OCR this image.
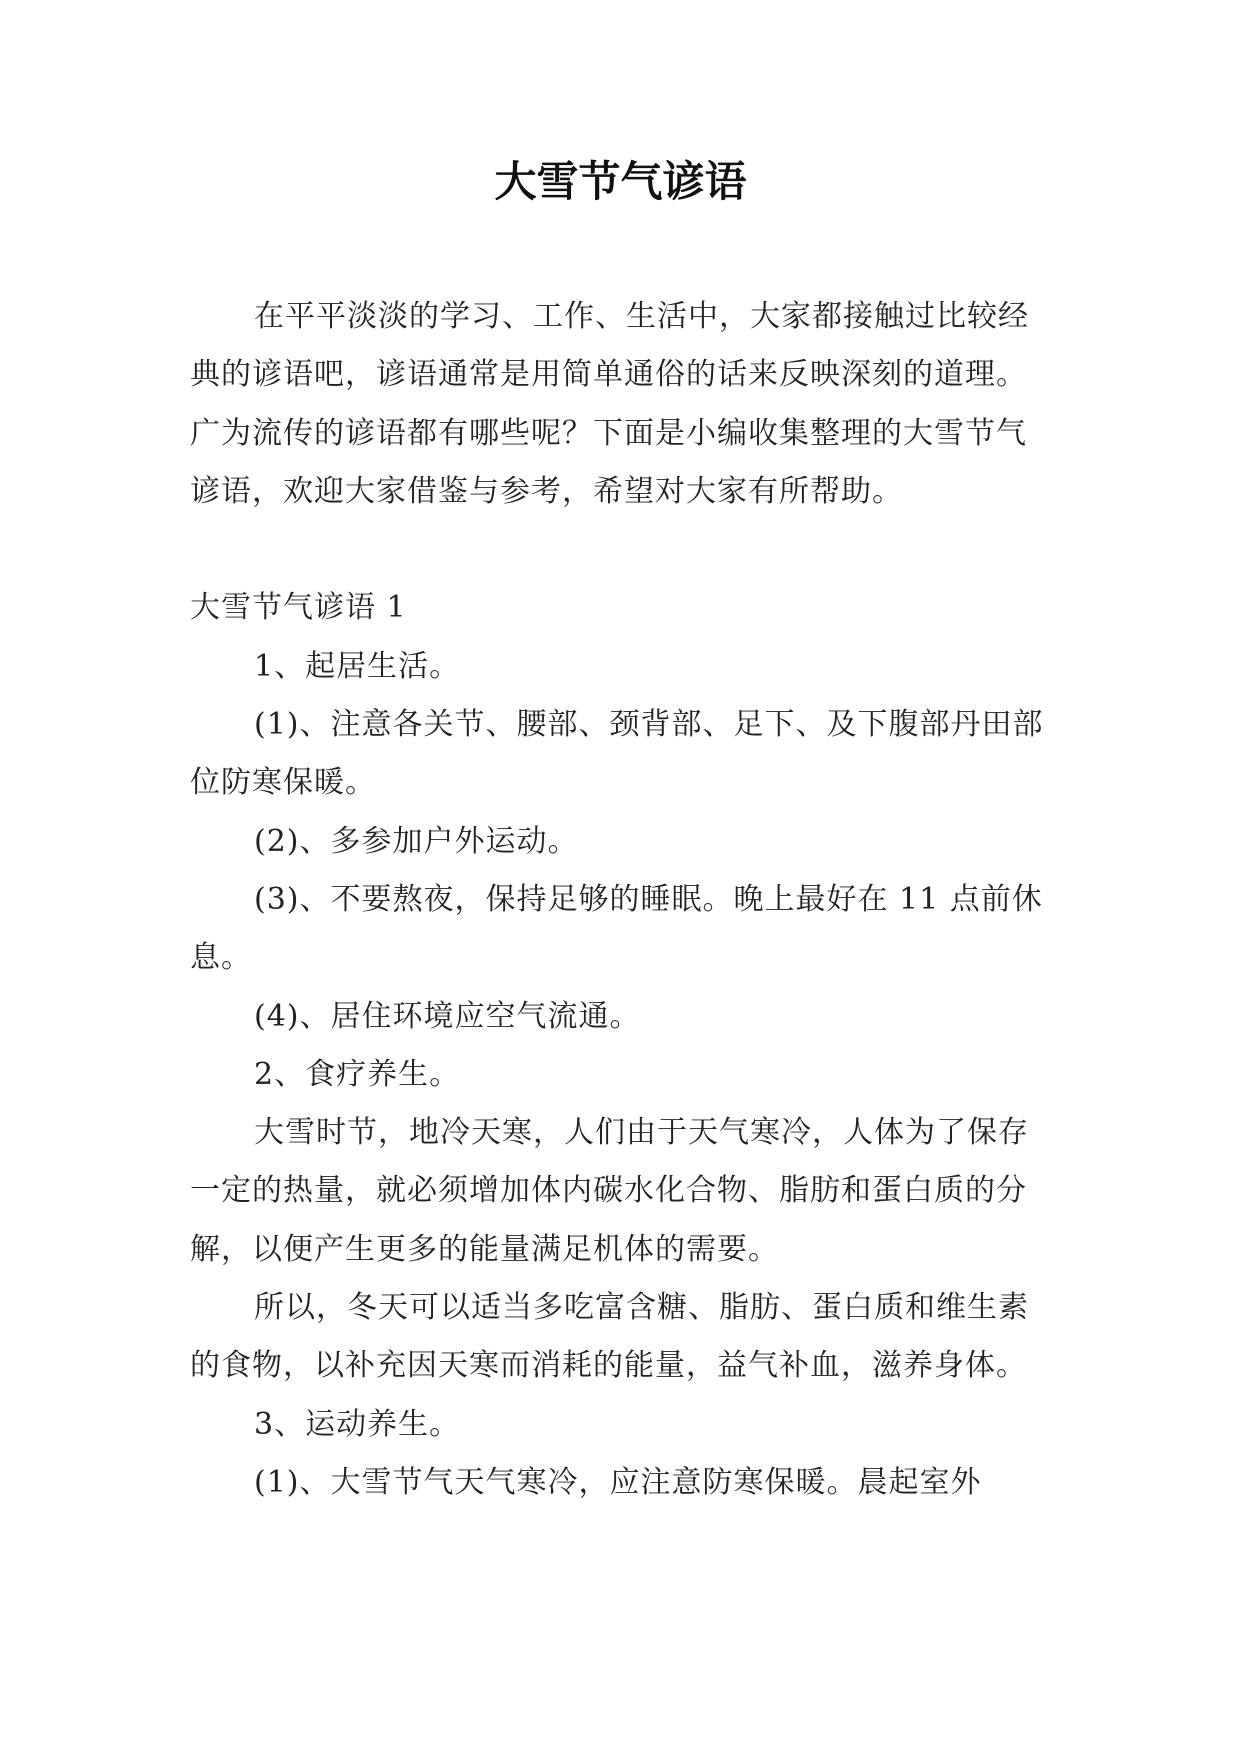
大雪节气谚语

在平平淡淡的学习、工作、生活中，大家都接触过比较经典的谚语吧，谚语通常是用简单通俗的话来反映深刻的道理。广为流传的谚语都有哪些呢？下面是小编收集整理的大雪节气谚语，欢迎大家借鉴与参考，希望对大家有所帮助。

大雪节气谚语 1

1、起居生活。

(1)、注意各关节、腰部、颈背部、足下、及下腹部丹田部位防寒保暖。

(2)、多参加户外运动。

(3)、不要熬夜，保持足够的睡眠。晚上最好在 11 点前休息。

(4)、居住环境应空气流通。

2、食疗养生。

大雪时节，地冷天寒，人们由于天气寒冷，人体为了保存一定的热量，就必须增加体内碳水化合物、脂肪和蛋白质的分解，以便产生更多的能量满足机体的需要。

所以，冬天可以适当多吃富含糖、脂肪、蛋白质和维生素的食物，以补充因天寒而消耗的能量，益气补血，滋养身体。

3、运动养生。

(1)、大雪节气天气寒冷，应注意防寒保暖。晨起室外
